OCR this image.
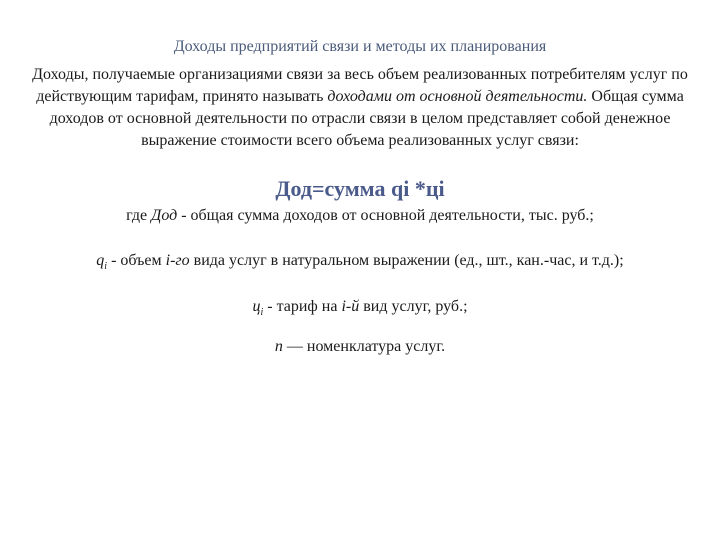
Доходы предприятий связи и методы их планирования
Доходы, получаемые организациями связи за весь объем реализованных потребителям услуг по действующим тарифам, принято называть доходами от основной деятельности. Общая сумма доходов от основной деятельности по отрасли связи в целом представляет собой денежное выражение стоимости всего объема реализованных услуг связи:
Дод=сумма qi *цi
где Дод - общая сумма доходов от основной деятельности, тыс. руб.;
$q_i$ - объем i-го вида услуг в натуральном выражении (ед., шт., кан.-час, и т.д.);
$ц_i$ - тариф на i-й вид услуг, руб.;
n — номенклатура услуг.
